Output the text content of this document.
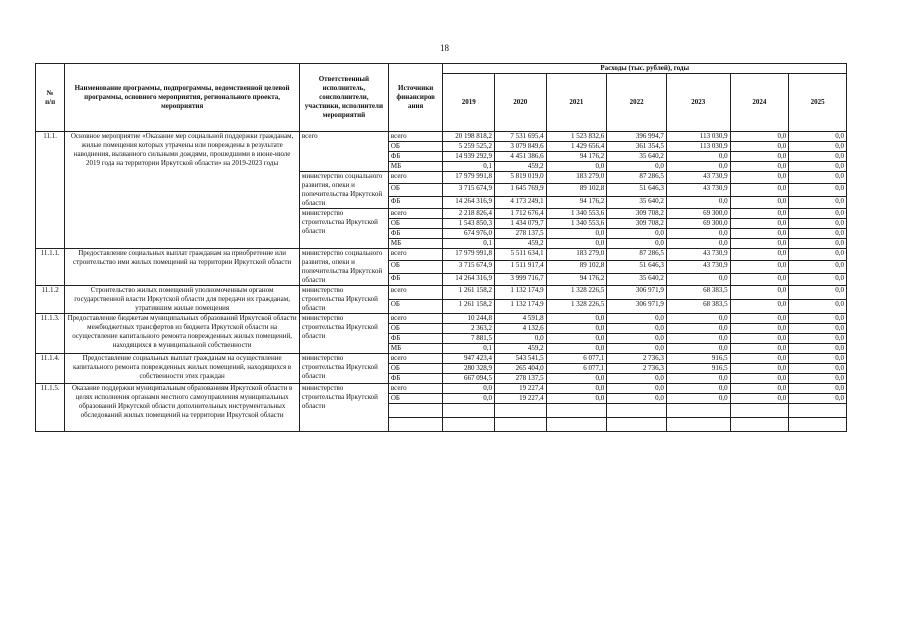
18
№
п/п	Наименование программы, подпрограммы, ведомственной целевой программы, основного мероприятия, регионального проекта, мероприятия	Ответственный исполнитель, соисполнители, участники, исполнители мероприятий	Источники финансиров ания	Расходы (тыс. рублей), годы						
				2019	2020	2021	2022	2023	2024	2025
11.1.	Основное мероприятие «Оказание мер социальной поддержки гражданам, жилые помещения которых утрачены или повреждены в результате наводнения, вызванного сильными дождями, прошедшими в июне-июле 2019 года на территории Иркутской области» на 2019-2023 годы	всего	всего	20 198 818,2	7 531 695,4	1 523 832,6	396 994,7	113 030,9	0,0	0,0
			ОБ	5 259 525,2	3 079 849,6	1 429 656,4	361 354,5	113 030,9	0,0	0,0
			ФБ	14 939 292,9	4 451 386,6	94 176,2	35 640,2	0,0	0,0	0,0
			МБ	0,1	459,2	0,0	0,0	0,0	0,0	0,0
		министерство социального развития, опеки и попечительства Иркутской области	всего	17 979 991,8	5 819 019,0	183 279,0	87 286,5	43 730,9	0,0	0,0
			ОБ	3 715 674,9	1 645 769,9	89 102,8	51 646,3	43 730,9	0,0	0,0
			ФБ	14 264 316,9	4 173 249,1	94 176,2	35 640,2	0,0	0,0	0,0
		министерство строительства Иркутской области	всего	2 218 826,4	1 712 676,4	1 340 553,6	309 708,2	69 300,0	0,0	0,0
			ОБ	1 543 850,3	1 434 079,7	1 340 553,6	309 708,2	69 300,0	0,0	0,0
			ФБ	674 976,0	278 137,5	0,0	0,0	0,0	0,0	0,0
			МБ	0,1	459,2	0,0	0,0	0,0	0,0	0,0
11.1.1.	Предоставление социальных выплат гражданам на приобретение или строительство ими жилых помещений на территории Иркутской области	министерство социального развития, опеки и попечительства Иркутской области	всего	17 979 991,8	5 511 634,1	183 279,0	87 286,5	43 730,9	0,0	0,0
			ОБ	3 715 674,9	1 511 917,4	89 102,8	51 646,3	43 730,9	0,0	0,0
			ФБ	14 264 316,9	3 999 716,7	94 176,2	35 640,2	0,0	0,0	0,0
11.1.2	Строительство жилых помещений уполномоченным органом государственной власти Иркутской области для передачи их гражданам, утратившим жилые помещения	министерство строительства Иркутской области	всего	1 261 158,2	1 132 174,9	1 328 226,5	306 971,9	68 383,5	0,0	0,0
			ОБ	1 261 158,2	1 132 174,9	1 328 226,5	306 971,9	68 383,5	0,0	0,0
11.1.3.	Предоставление бюджетам муниципальных образований Иркутской области межбюджетных трансфертов из бюджета Иркутской области на осуществление капитального ремонта поврежденных жилых помещений, находящихся в муниципальной собственности	министерство строительства Иркутской области	всего	10 244,8	4 591,8	0,0	0,0	0,0	0,0	0,0
			ОБ	2 363,2	4 132,6	0,0	0,0	0,0	0,0	0,0
			ФБ	7 881,5	0,0	0,0	0,0	0,0	0,0	0,0
			МБ	0,1	459,2	0,0	0,0	0,0	0,0	0,0
11.1.4.	Предоставление социальных выплат гражданам на осуществление капитального ремонта поврежденных жилых помещений, находящихся в собственности этих граждан	министерство строительства Иркутской области	всего	947 423,4	543 541,5	6 077,1	2 736,3	916,5	0,0	0,0
			ОБ	280 328,9	265 404,0	6 077,1	2 736,3	916,5	0,0	0,0
			ФБ	667 094,5	278 137,5	0,0	0,0	0,0	0,0	0,0
11.1.5.	Оказание поддержки муниципальным образованиям Иркутской области в целях исполнения органами местного самоуправления муниципальных образований Иркутской области дополнительных инструментальных обследований жилых помещений на территории Иркутской области	министерство строительства Иркутской области	всего	0,0	19 227,4	0,0	0,0	0,0	0,0	0,0
			ОБ	0,0	19 227,4	0,0	0,0	0,0	0,0	0,0
